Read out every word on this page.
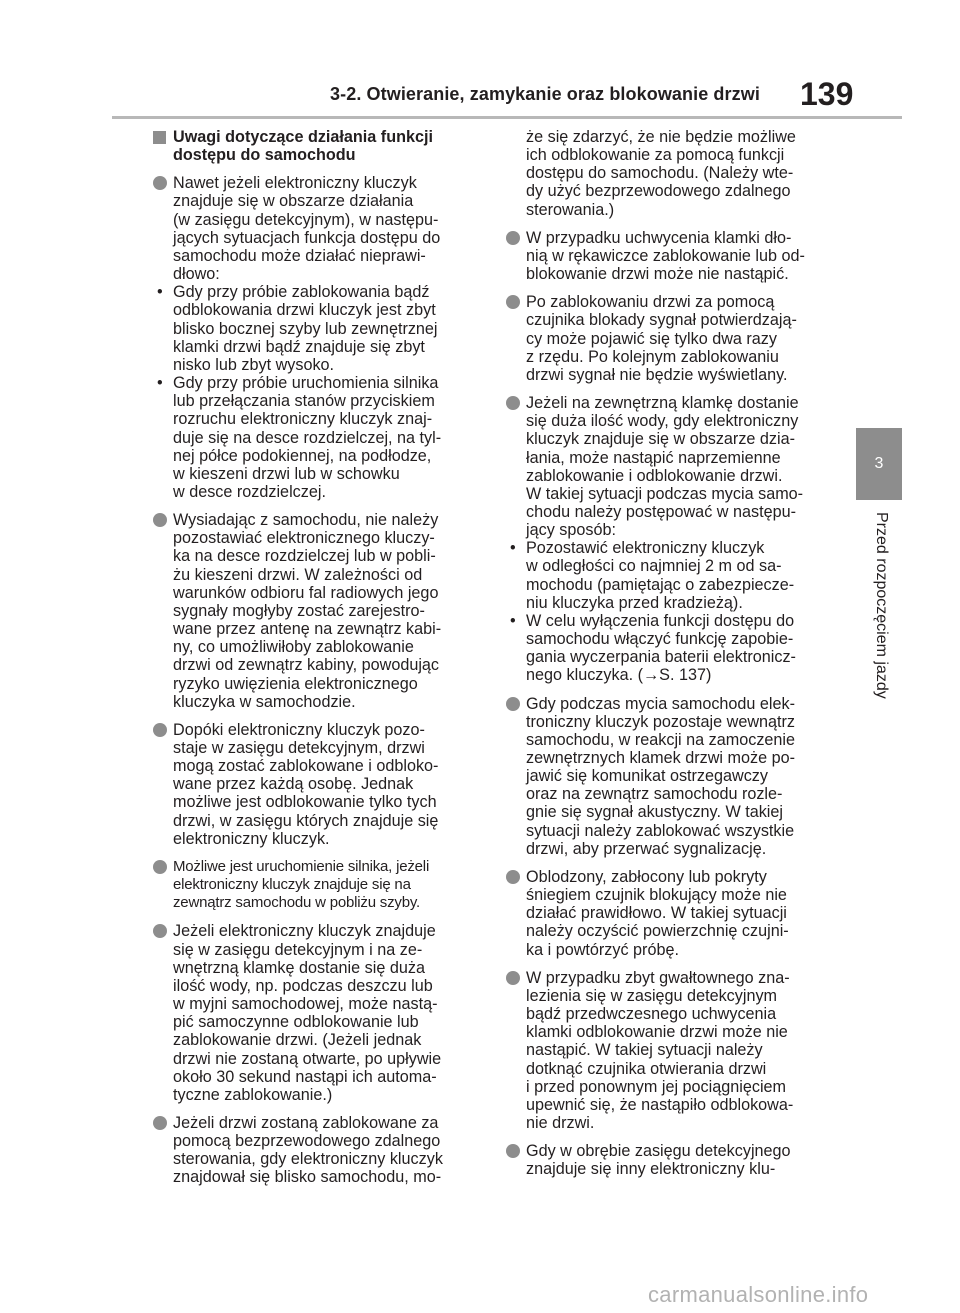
3-2. Otwieranie, zamykanie oraz blokowanie drzwi 139
3
Przed rozpoczęciem jazdy
Uwagi dotyczące działania funkcji
dostępu do samochodu
Nawet jeżeli elektroniczny kluczyk
znajduje się w obszarze działania
(w zasięgu detekcyjnym), w następu-
jących sytuacjach funkcja dostępu do
samochodu może działać nieprawi-
dłowo:
• Gdy przy próbie zablokowania bądź
odblokowania drzwi kluczyk jest zbyt
blisko bocznej szyby lub zewnętrznej
klamki drzwi bądź znajduje się zbyt
nisko lub zbyt wysoko.
• Gdy przy próbie uruchomienia silnika
lub przełączania stanów przyciskiem
rozruchu elektroniczny kluczyk znaj-
duje się na desce rozdzielczej, na tyl-
nej półce podokiennej, na podłodze,
w kieszeni drzwi lub w schowku
w desce rozdzielczej.
Wysiadając z samochodu, nie należy
pozostawiać elektronicznego kluczy-
ka na desce rozdzielczej lub w pobli-
żu kieszeni drzwi. W zależności od
warunków odbioru fal radiowych jego
sygnały mogłyby zostać zarejestro-
wane przez antenę na zewnątrz kabi-
ny, co umożliwiłoby zablokowanie
drzwi od zewnątrz kabiny, powodując
ryzyko uwięzienia elektronicznego
kluczyka w samochodzie.
Dopóki elektroniczny kluczyk pozo-
staje w zasięgu detekcyjnym, drzwi
mogą zostać zablokowane i odbloko-
wane przez każdą osobę. Jednak
możliwe jest odblokowanie tylko tych
drzwi, w zasięgu których znajduje się
elektroniczny kluczyk.
Możliwe jest uruchomienie silnika, jeżeli
elektroniczny kluczyk znajduje się na
zewnątrz samochodu w pobliżu szyby.
Jeżeli elektroniczny kluczyk znajduje
się w zasięgu detekcyjnym i na ze-
wnętrzną klamkę dostanie się duża
ilość wody, np. podczas deszczu lub
w myjni samochodowej, może nastą-
pić samoczynne odblokowanie lub
zablokowanie drzwi. (Jeżeli jednak
drzwi nie zostaną otwarte, po upływie
około 30 sekund nastąpi ich automa-
tyczne zablokowanie.)
Jeżeli drzwi zostaną zablokowane za
pomocą bezprzewodowego zdalnego
sterowania, gdy elektroniczny kluczyk
znajdował się blisko samochodu, mo-
że się zdarzyć, że nie będzie możliwe
ich odblokowanie za pomocą funkcji
dostępu do samochodu. (Należy wte-
dy użyć bezprzewodowego zdalnego
sterowania.)
W przypadku uchwycenia klamki dło-
nią w rękawiczce zablokowanie lub od-
blokowanie drzwi może nie nastąpić.
Po zablokowaniu drzwi za pomocą
czujnika blokady sygnał potwierdzają-
cy może pojawić się tylko dwa razy
z rzędu. Po kolejnym zablokowaniu
drzwi sygnał nie będzie wyświetlany.
Jeżeli na zewnętrzną klamkę dostanie
się duża ilość wody, gdy elektroniczny
kluczyk znajduje się w obszarze dzia-
łania, może nastąpić naprzemienne
zablokowanie i odblokowanie drzwi.
W takiej sytuacji podczas mycia samo-
chodu należy postępować w następu-
jący sposób:
• Pozostawić elektroniczny kluczyk
w odległości co najmniej 2 m od sa-
mochodu (pamiętając o zabezpiecze-
niu kluczyka przed kradzieżą).
• W celu wyłączenia funkcji dostępu do
samochodu włączyć funkcję zapobie-
gania wyczerpania baterii elektronicz-
nego kluczyka. (→S. 137)
Gdy podczas mycia samochodu elek-
troniczny kluczyk pozostaje wewnątrz
samochodu, w reakcji na zamoczenie
zewnętrznych klamek drzwi może po-
jawić się komunikat ostrzegawczy
oraz na zewnątrz samochodu rozle-
gnie się sygnał akustyczny. W takiej
sytuacji należy zablokować wszystkie
drzwi, aby przerwać sygnalizację.
Oblodzony, zabłocony lub pokryty
śniegiem czujnik blokujący może nie
działać prawidłowo. W takiej sytuacji
należy oczyścić powierzchnię czujni-
ka i powtórzyć próbę.
W przypadku zbyt gwałtownego zna-
lezienia się w zasięgu detekcyjnym
bądź przedwczesnego uchwycenia
klamki odblokowanie drzwi może nie
nastąpić. W takiej sytuacji należy
dotknąć czujnika otwierania drzwi
i przed ponownym jej pociągnięciem
upewnić się, że nastąpiło odblokowa-
nie drzwi.
Gdy w obrębie zasięgu detekcyjnego
znajduje się inny elektroniczny klu-
carmanualsonline.info
